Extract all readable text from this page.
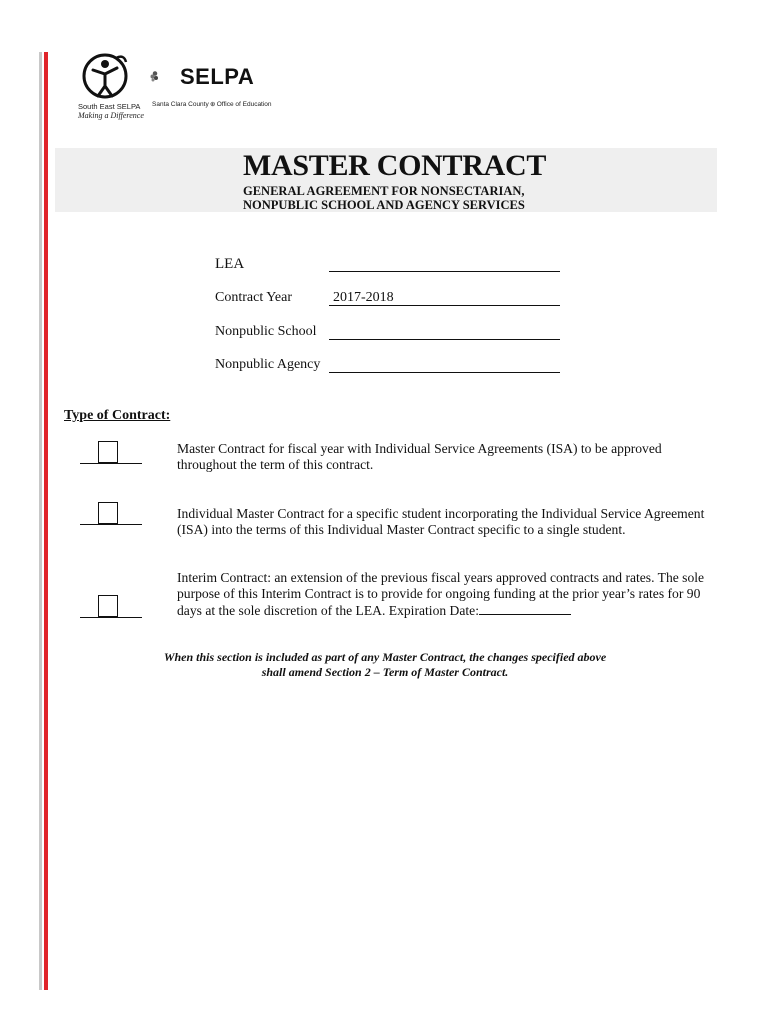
South East SELPA
Making a Difference
SELPA
Santa Clara County⊕Office of Education
MASTER CONTRACT
GENERAL AGREEMENT FOR NONSECTARIAN,
NONPUBLIC SCHOOL AND AGENCY SERVICES
LEA
Contract Year	2017-2018
Nonpublic School
Nonpublic Agency
Type of Contract:
Master Contract for fiscal year with Individual Service Agreements (ISA) to be approved throughout the term of this contract.
Individual Master Contract for a specific student incorporating the Individual Service Agreement (ISA) into the terms of this Individual Master Contract specific to a single student.
Interim Contract: an extension of the previous fiscal years approved contracts and rates. The sole purpose of this Interim Contract is to provide for ongoing funding at the prior year’s rates for 90 days at the sole discretion of the LEA. Expiration Date:
When this section is included as part of any Master Contract, the changes specified above
shall amend Section 2 – Term of Master Contract.
